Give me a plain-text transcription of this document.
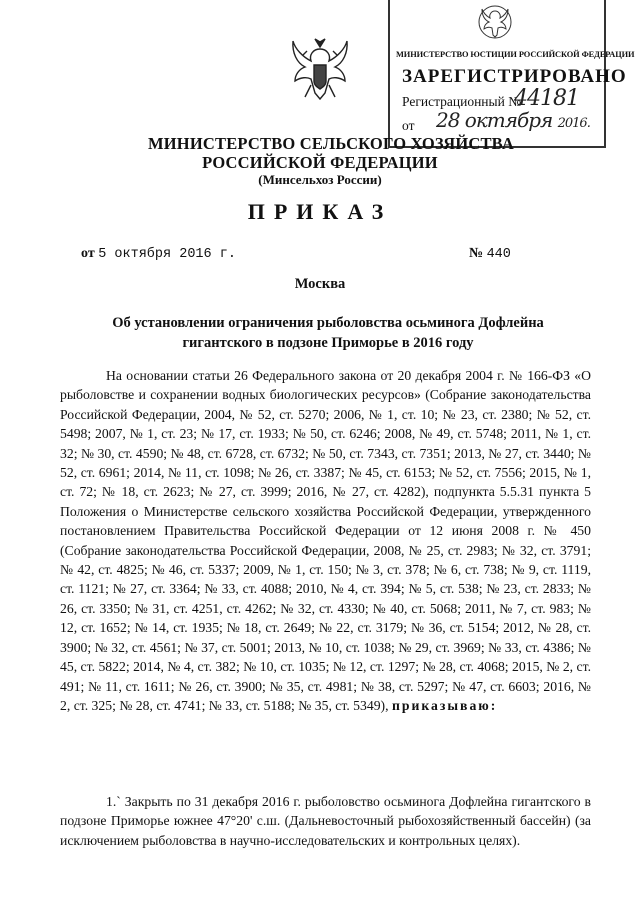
МИНИСТЕРСТВО ЮСТИЦИИ РОССИЙСКОЙ ФЕДЕРАЦИИ
ЗАРЕГИСТРИРОВАНО
Регистрационный №
44181
от 28 октября 2016.
МИНИСТЕРСТВО СЕЛЬСКОГО ХОЗЯЙСТВА
РОССИЙСКОЙ ФЕДЕРАЦИИ
(Минсельхоз России)
ПРИКАЗ
от 5 октября 2016 г.	№ 440
Москва
Об установлении ограничения рыболовства осьминога Дофлейна гигантского в подзоне Приморье в 2016 году
На основании статьи 26 Федерального закона от 20 декабря 2004 г. № 166-ФЗ «О рыболовстве и сохранении водных биологических ресурсов» (Собрание законодательства Российской Федерации, 2004, № 52, ст. 5270; 2006, № 1, ст. 10; № 23, ст. 2380; № 52, ст. 5498; 2007, № 1, ст. 23; № 17, ст. 1933; № 50, ст. 6246; 2008, № 49, ст. 5748; 2011, № 1, ст. 32; № 30, ст. 4590; № 48, ст. 6728, ст. 6732; № 50, ст. 7343, ст. 7351; 2013, № 27, ст. 3440; № 52, ст. 6961; 2014, № 11, ст. 1098; № 26, ст. 3387; № 45, ст. 6153; № 52, ст. 7556; 2015, № 1, ст. 72; № 18, ст. 2623; № 27, ст. 3999; 2016, № 27, ст. 4282), подпункта 5.5.31 пункта 5 Положения о Министерстве сельского хозяйства Российской Федерации, утвержденного постановлением Правительства Российской Федерации от 12 июня 2008 г. № 450 (Собрание законодательства Российской Федерации, 2008, № 25, ст. 2983; № 32, ст. 3791; № 42, ст. 4825; № 46, ст. 5337; 2009, № 1, ст. 150; № 3, ст. 378; № 6, ст. 738; № 9, ст. 1119, ст. 1121; № 27, ст. 3364; № 33, ст. 4088; 2010, № 4, ст. 394; № 5, ст. 538; № 23, ст. 2833; № 26, ст. 3350; № 31, ст. 4251, ст. 4262; № 32, ст. 4330; № 40, ст. 5068; 2011, № 7, ст. 983; № 12, ст. 1652; № 14, ст. 1935; № 18, ст. 2649; № 22, ст. 3179; № 36, ст. 5154; 2012, № 28, ст. 3900; № 32, ст. 4561; № 37, ст. 5001; 2013, № 10, ст. 1038; № 29, ст. 3969; № 33, ст. 4386; № 45, ст. 5822; 2014, № 4, ст. 382; № 10, ст. 1035; № 12, ст. 1297; № 28, ст. 4068; 2015, № 2, ст. 491; № 11, ст. 1611; № 26, ст. 3900; № 35, ст. 4981; № 38, ст. 5297; № 47, ст. 6603; 2016, № 2, ст. 325; № 28, ст. 4741; № 33, ст. 5188; № 35, ст. 5349), приказываю:
1.` Закрыть по 31 декабря 2016 г. рыболовство осьминога Дофлейна гигантского в подзоне Приморье южнее 47°20' с.ш. (Дальневосточный рыбохозяйственный бассейн) (за исключением рыболовства в научно-исследовательских и контрольных целях).
